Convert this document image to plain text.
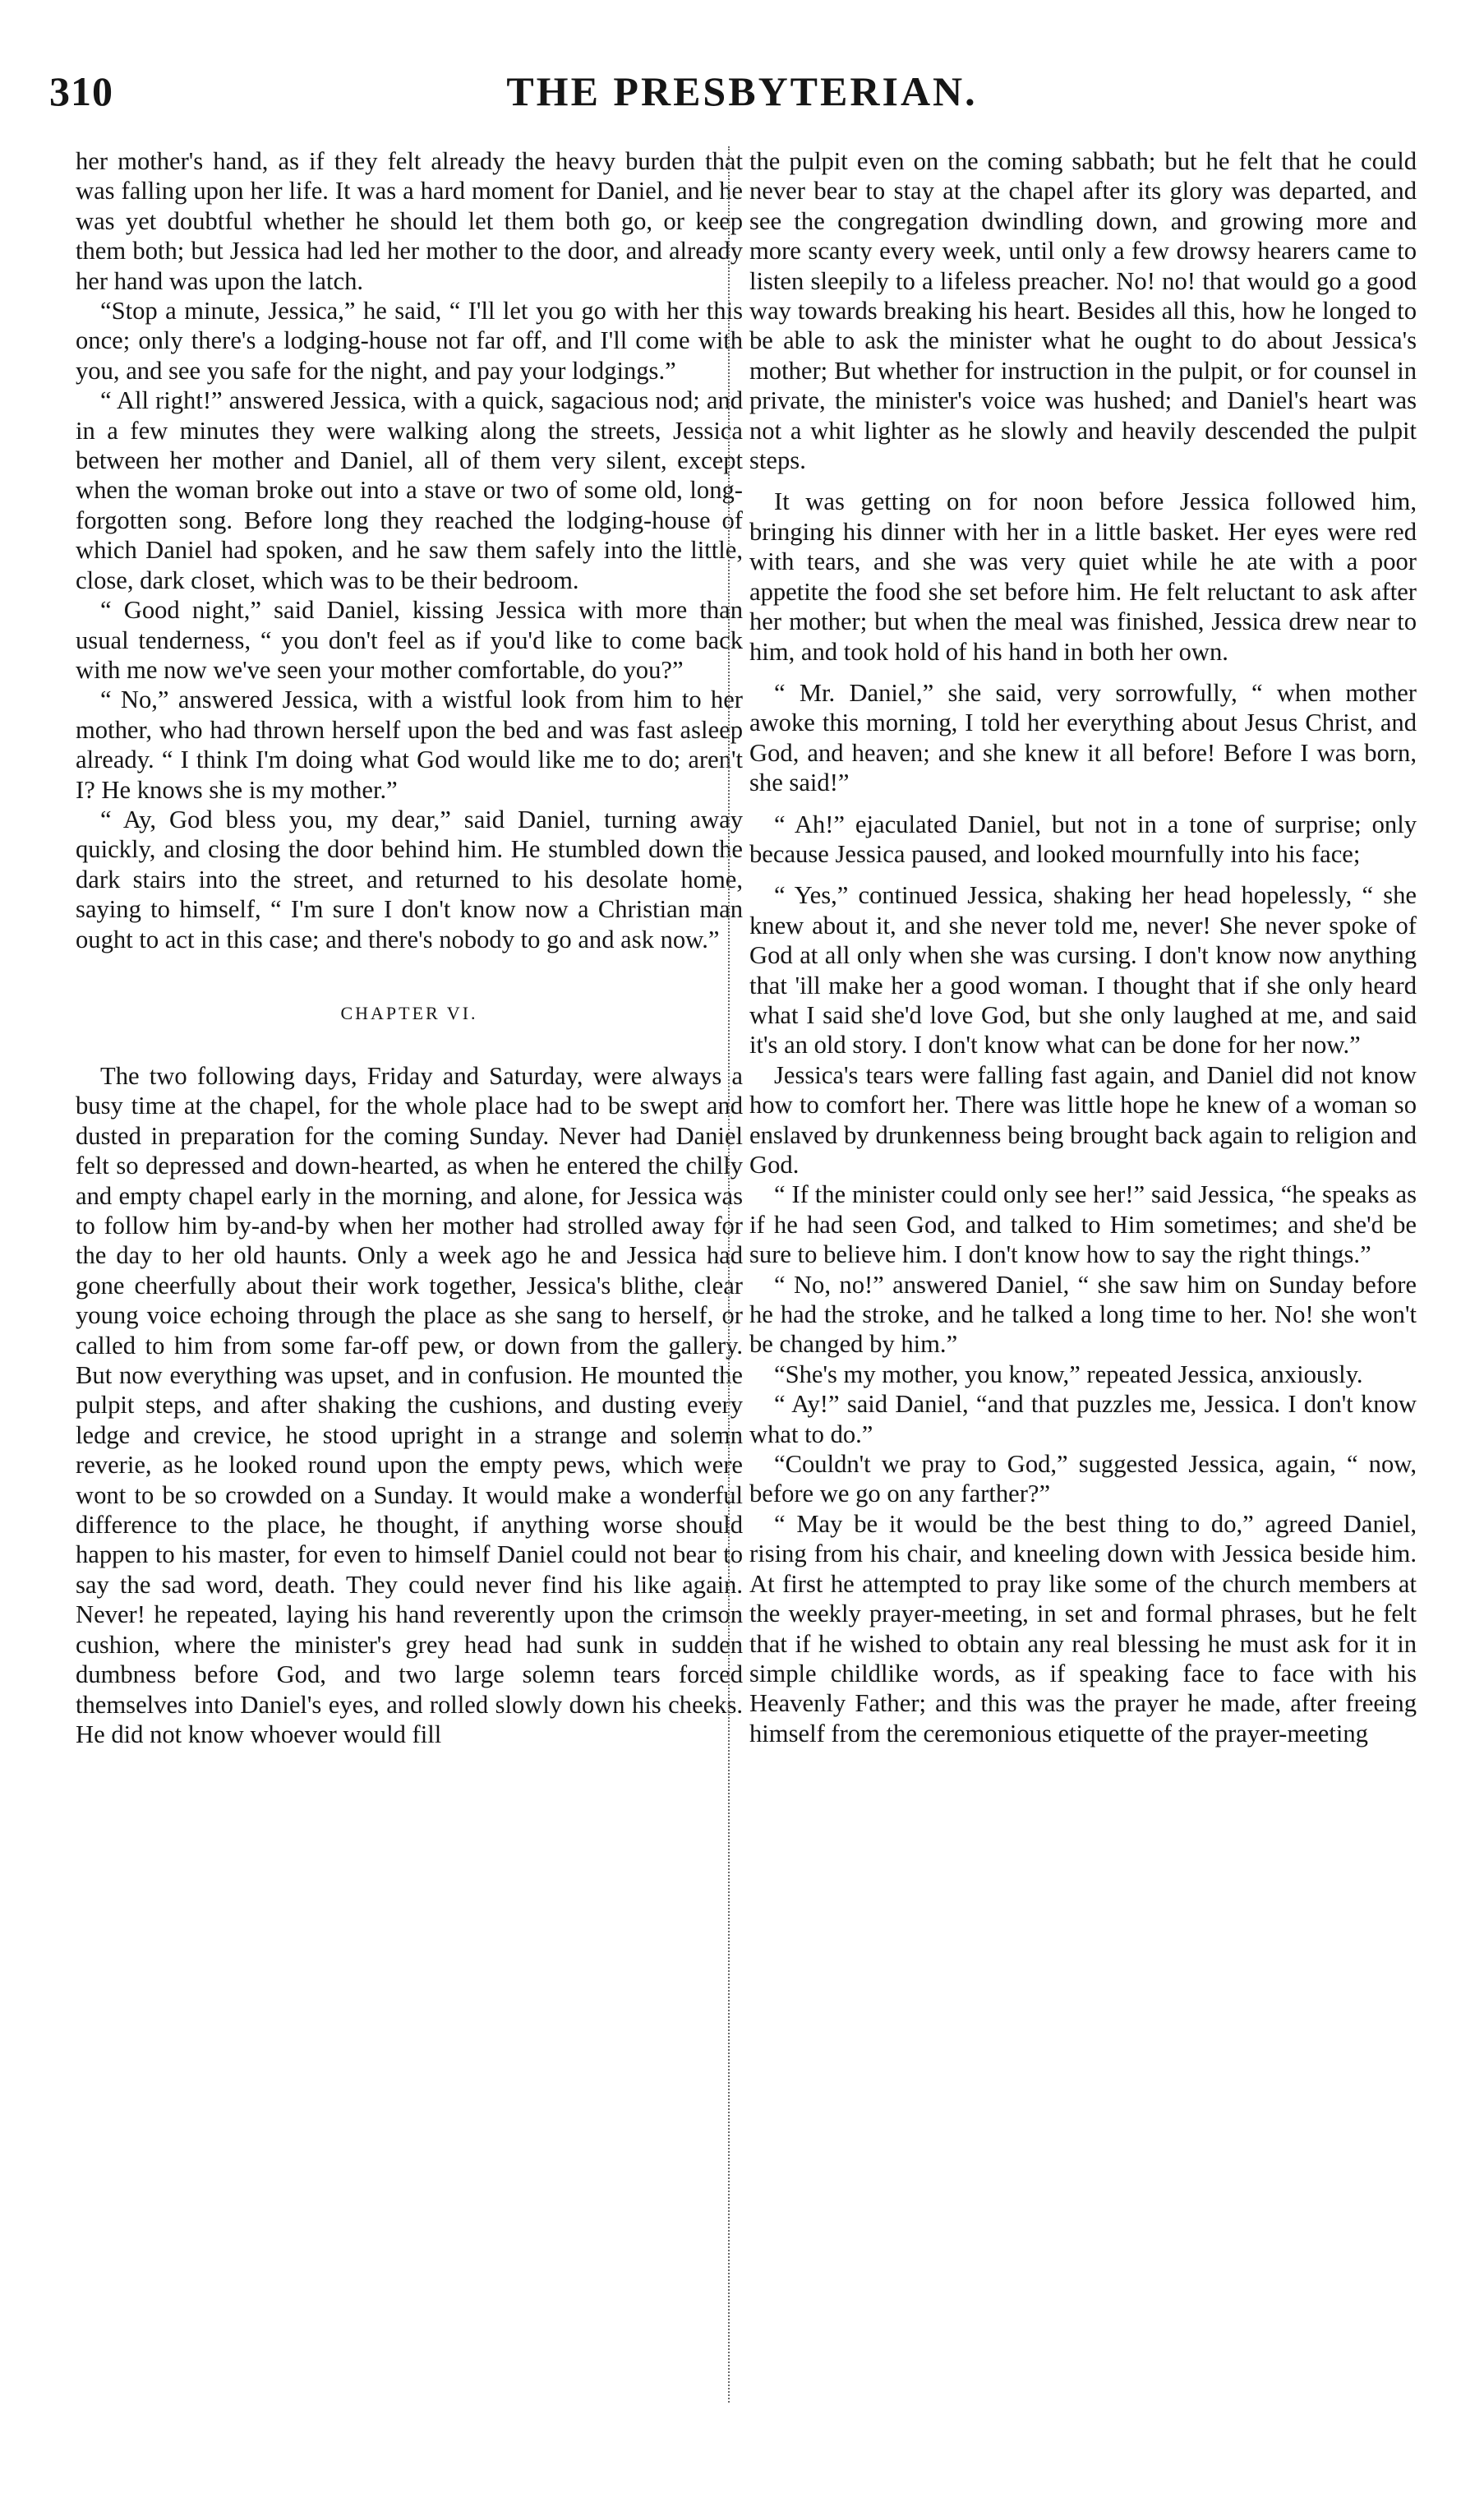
310	THE PRESBYTERIAN.

her mother's hand, as if they felt already the heavy burden that was falling upon her life. It was a hard moment for Daniel, and he was yet doubtful whether he should let them both go, or keep them both; but Jessica had led her mother to the door, and already her hand was upon the latch.

“Stop a minute, Jessica,” he said, “ I'll let you go with her this once; only there's a lodging-house not far off, and I'll come with you, and see you safe for the night, and pay your lodgings.”

“ All right!” answered Jessica, with a quick, sagacious nod; and in a few minutes they were walking along the streets, Jessica between her mother and Daniel, all of them very silent, except when the woman broke out into a stave or two of some old, long-forgotten song. Before long they reached the lodging-house of which Daniel had spoken, and he saw them safely into the little, close, dark closet, which was to be their bedroom.

“ Good night,” said Daniel, kissing Jessica with more than usual tenderness, “ you don't feel as if you'd like to come back with me now we've seen your mother comfortable, do you?”

“ No,” answered Jessica, with a wistful look from him to her mother, who had thrown herself upon the bed and was fast asleep already. “ I think I'm doing what God would like me to do; aren't I? He knows she is my mother.”

“ Ay, God bless you, my dear,” said Daniel, turning away quickly, and closing the door behind him. He stumbled down the dark stairs into the street, and returned to his desolate home, saying to himself, “ I'm sure I don't know now a Christian man ought to act in this case; and there's nobody to go and ask now.”

CHAPTER VI.

The two following days, Friday and Saturday, were always a busy time at the chapel, for the whole place had to be swept and dusted in preparation for the coming Sunday. Never had Daniel felt so depressed and down-hearted, as when he entered the chilly and empty chapel early in the morning, and alone, for Jessica was to follow him by-and-by when her mother had strolled away for the day to her old haunts. Only a week ago he and Jessica had gone cheerfully about their work together, Jessica's blithe, clear young voice echoing through the place as she sang to herself, or called to him from some far-off pew, or down from the gallery. But now everything was upset, and in confusion. He mounted the pulpit steps, and after shaking the cushions, and dusting every ledge and crevice, he stood upright in a strange and solemn reverie, as he looked round upon the empty pews, which were wont to be so crowded on a Sunday. It would make a wonderful difference to the place, he thought, if anything worse should happen to his master, for even to himself Daniel could not bear to say the sad word, death. They could never find his like again. Never! he repeated, laying his hand reverently upon the crimson cushion, where the minister's grey head had sunk in sudden dumbness before God, and two large solemn tears forced themselves into Daniel's eyes, and rolled slowly down his cheeks. He did not know whoever would fill

the pulpit even on the coming sabbath; but he felt that he could never bear to stay at the chapel after its glory was departed, and see the congregation dwindling down, and growing more and more scanty every week, until only a few drowsy hearers came to listen sleepily to a lifeless preacher. No! no! that would go a good way towards breaking his heart. Besides all this, how he longed to be able to ask the minister what he ought to do about Jessica's mother; But whether for instruction in the pulpit, or for counsel in private, the minister's voice was hushed; and Daniel's heart was not a whit lighter as he slowly and heavily descended the pulpit steps.

It was getting on for noon before Jessica followed him, bringing his dinner with her in a little basket. Her eyes were red with tears, and she was very quiet while he ate with a poor appetite the food she set before him. He felt reluctant to ask after her mother; but when the meal was finished, Jessica drew near to him, and took hold of his hand in both her own.

“ Mr. Daniel,” she said, very sorrowfully, “ when mother awoke this morning, I told her everything about Jesus Christ, and God, and heaven; and she knew it all before! Before I was born, she said!”

“ Ah!” ejaculated Daniel, but not in a tone of surprise; only because Jessica paused, and looked mournfully into his face;

“ Yes,” continued Jessica, shaking her head hopelessly, “ she knew about it, and she never told me, never! She never spoke of God at all only when she was cursing. I don't know now anything that 'ill make her a good woman. I thought that if she only heard what I said she'd love God, but she only laughed at me, and said it's an old story. I don't know what can be done for her now.”

Jessica's tears were falling fast again, and Daniel did not know how to comfort her. There was little hope he knew of a woman so enslaved by drunkenness being brought back again to religion and God.

“ If the minister could only see her!” said Jessica, “he speaks as if he had seen God, and talked to Him sometimes; and she'd be sure to believe him. I don't know how to say the right things.”

“ No, no!” answered Daniel, “ she saw him on Sunday before he had the stroke, and he talked a long time to her. No! she won't be changed by him.”

“She's my mother, you know,” repeated Jessica, anxiously.

“ Ay!” said Daniel, “and that puzzles me, Jessica. I don't know what to do.”

“Couldn't we pray to God,” suggested Jessica, again, “ now, before we go on any farther?”

“ May be it would be the best thing to do,” agreed Daniel, rising from his chair, and kneeling down with Jessica beside him. At first he attempted to pray like some of the church members at the weekly prayer-meeting, in set and formal phrases, but he felt that if he wished to obtain any real blessing he must ask for it in simple childlike words, as if speaking face to face with his Heavenly Father; and this was the prayer he made, after freeing himself from the ceremonious etiquette of the prayer-meeting
